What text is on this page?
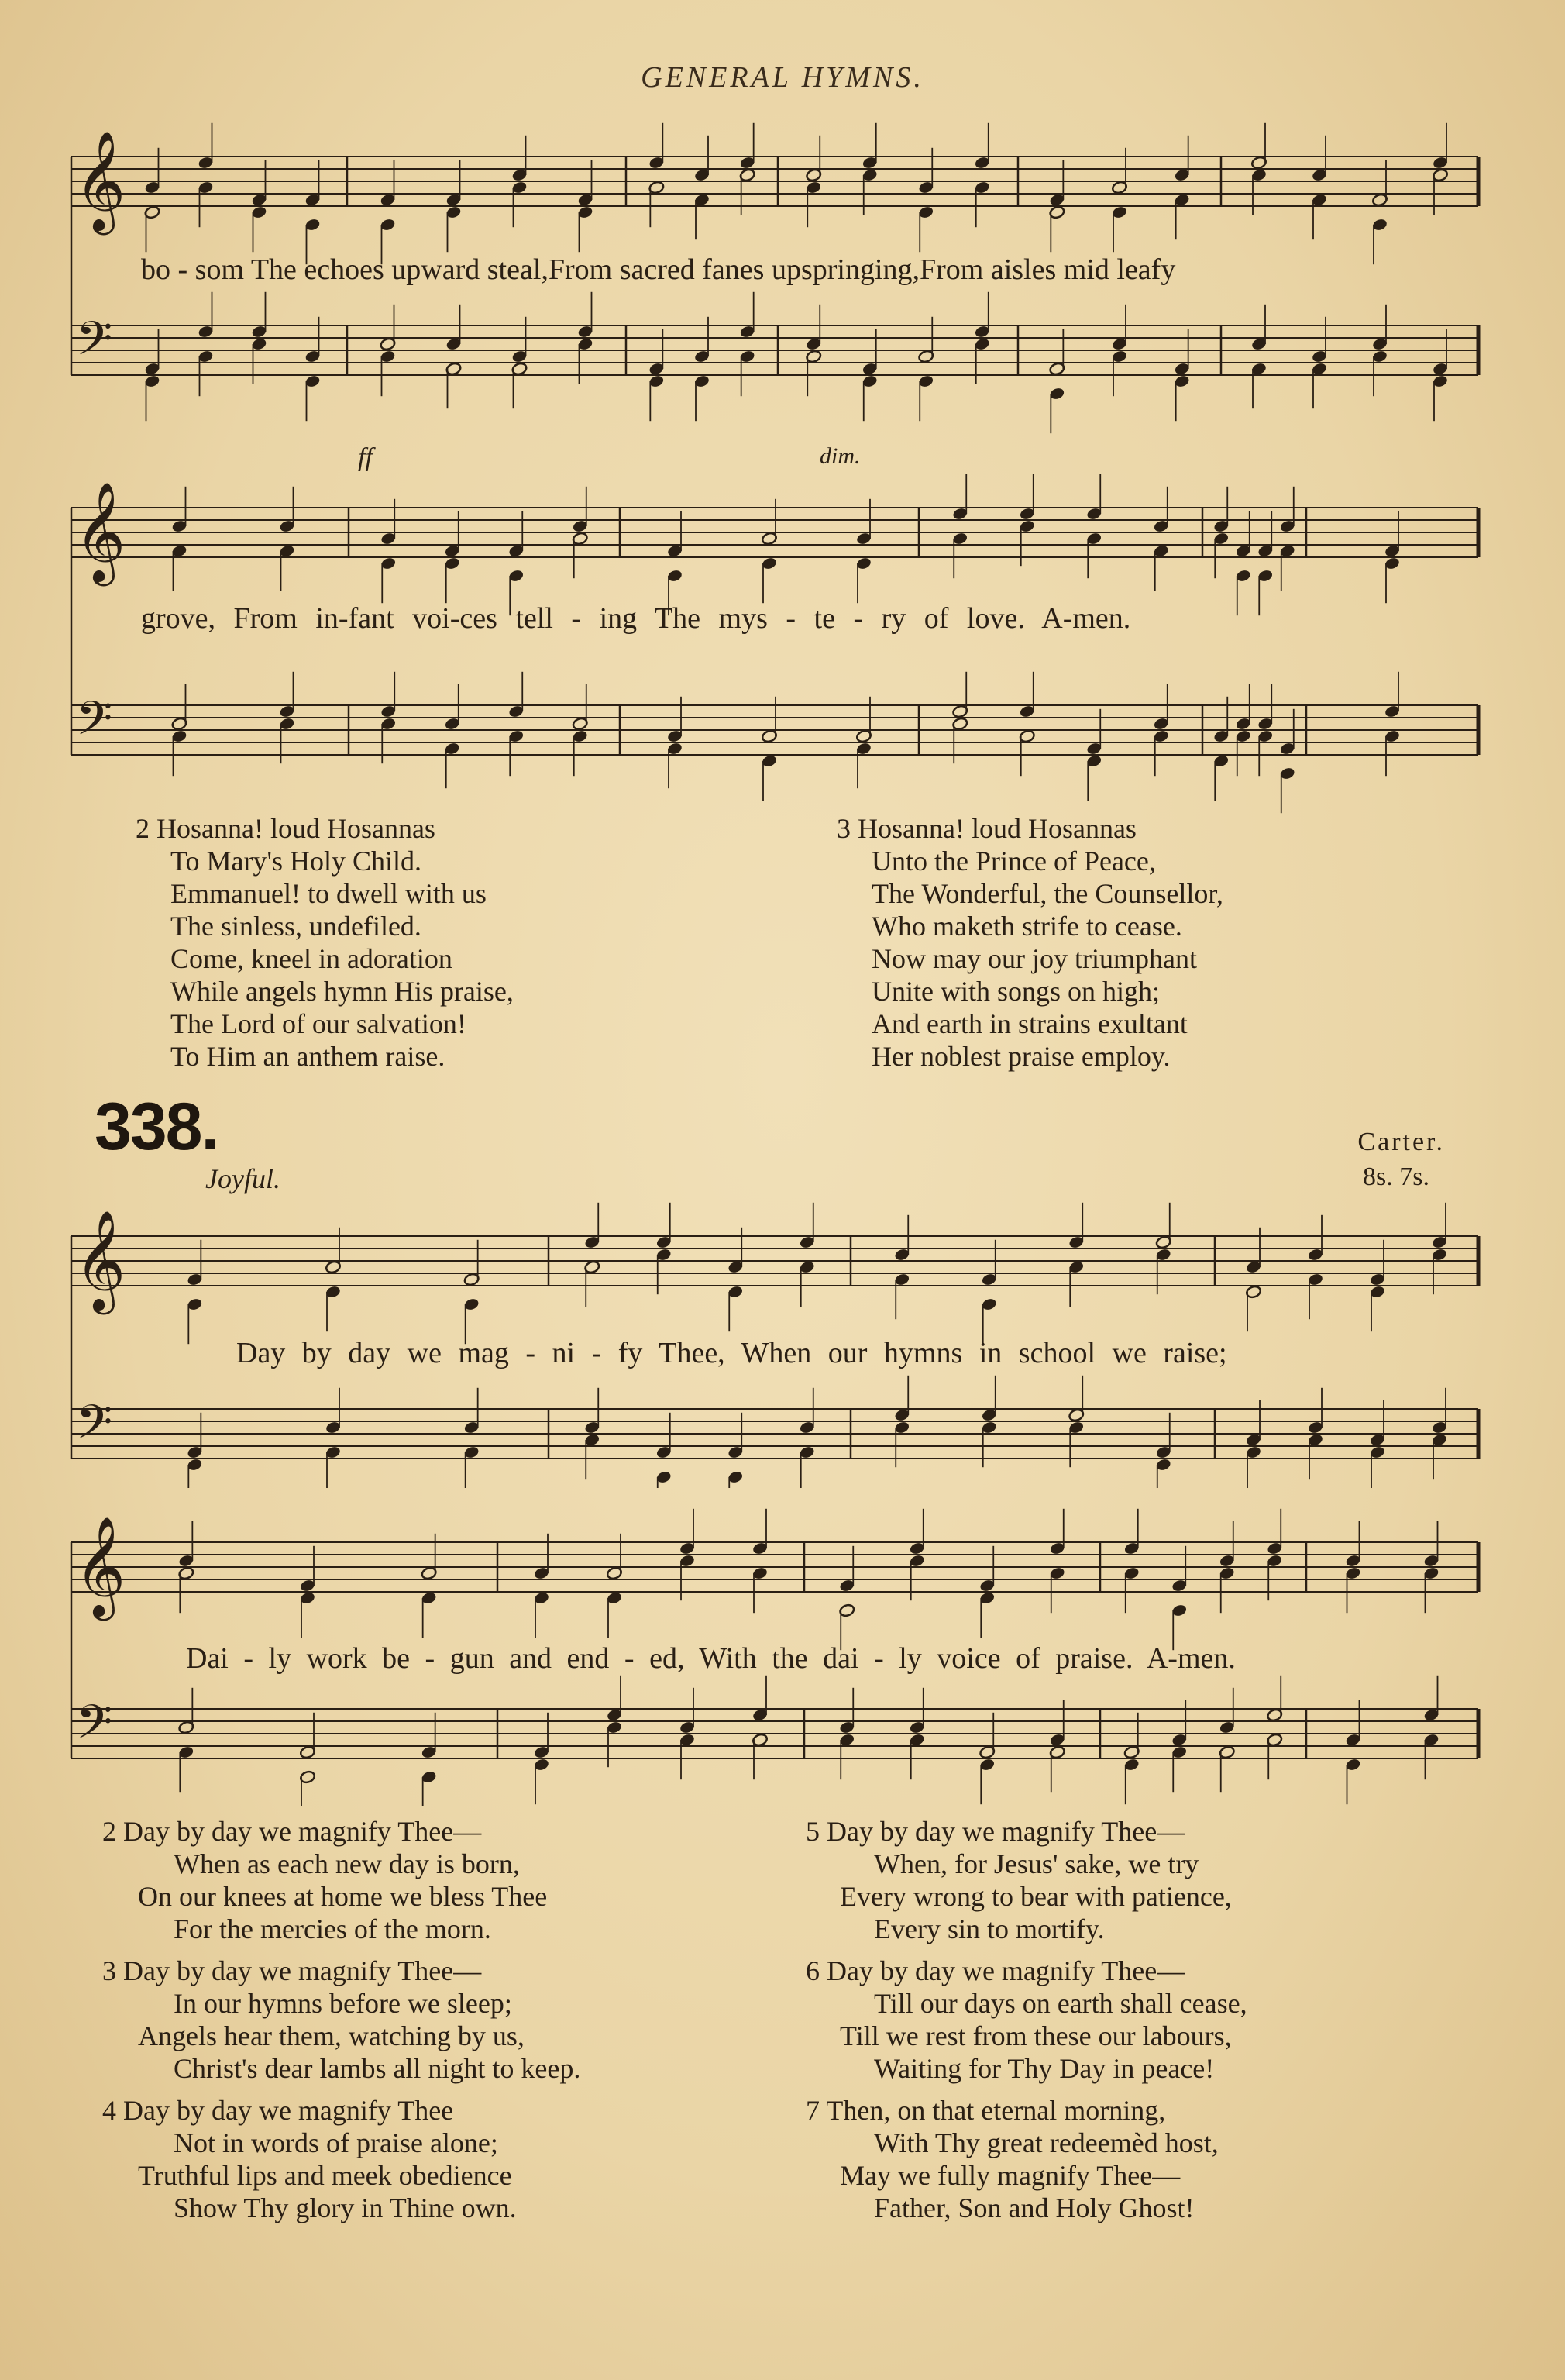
GENERAL HYMNS.
𝄞
𝄢
bo - som The echoes upward steal,From sacred fanes upspringing,From aisles mid leafy
𝄞
𝄢
ff	dim.
grove, From in-fant voi-ces tell - ing The mys - te - ry of love. A-men.
2 Hosanna! loud Hosannas
To Mary's Holy Child.
Emmanuel! to dwell with us
The sinless, undefiled.
Come, kneel in adoration
While angels hymn His praise,
The Lord of our salvation!
To Him an anthem raise.
3 Hosanna! loud Hosannas
Unto the Prince of Peace,
The Wonderful, the Counsellor,
Who maketh strife to cease.
Now may our joy triumphant
Unite with songs on high;
And earth in strains exultant
Her noblest praise employ.
338.	Carter.
8s. 7s.
Joyful.
𝄞
𝄢
Day by day we mag - ni - fy Thee, When our hymns in school we raise;
𝄞
𝄢
Dai - ly work be - gun and end - ed, With the dai - ly voice of praise. A-men.
2 Day by day we magnify Thee—
When as each new day is born,
On our knees at home we bless Thee
For the mercies of the morn.
3 Day by day we magnify Thee—
In our hymns before we sleep;
Angels hear them, watching by us,
Christ's dear lambs all night to keep.
4 Day by day we magnify Thee
Not in words of praise alone;
Truthful lips and meek obedience
Show Thy glory in Thine own.
5 Day by day we magnify Thee—
When, for Jesus' sake, we try
Every wrong to bear with patience,
Every sin to mortify.
6 Day by day we magnify Thee—
Till our days on earth shall cease,
Till we rest from these our labours,
Waiting for Thy Day in peace!
7 Then, on that eternal morning,
With Thy great redeemèd host,
May we fully magnify Thee—
Father, Son and Holy Ghost!
